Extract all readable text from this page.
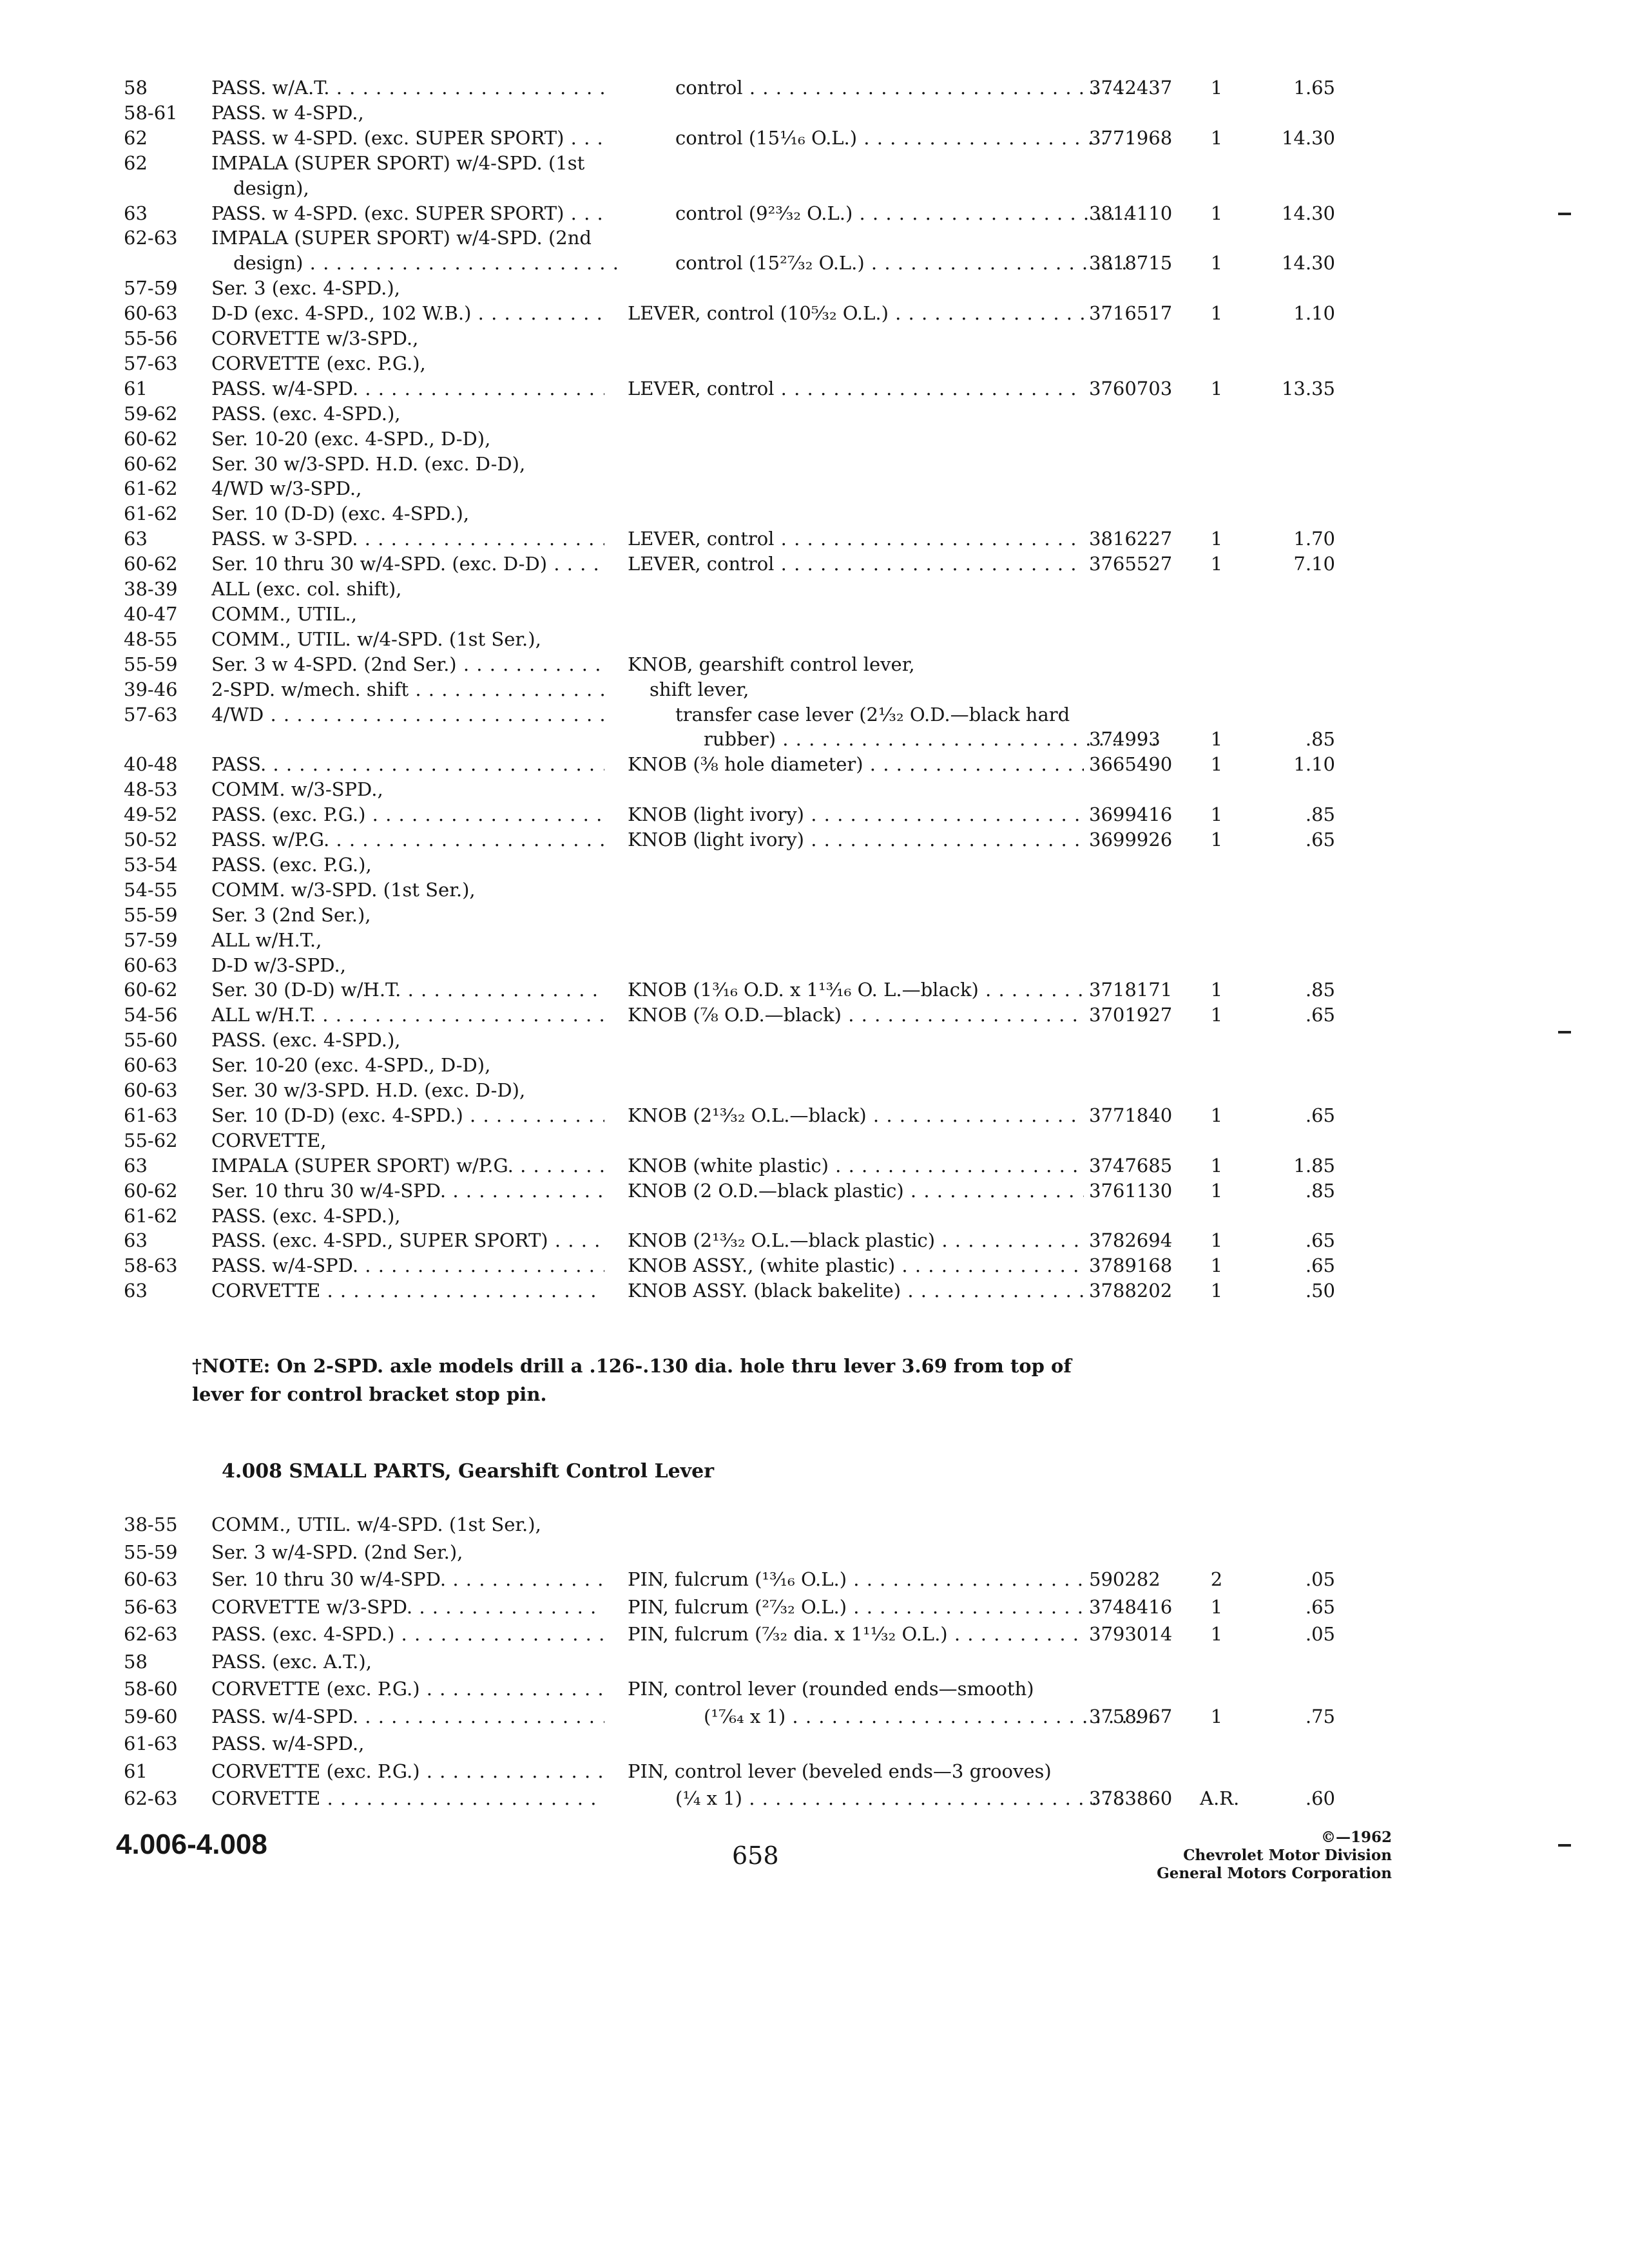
58	PASS. w/A.T. . . .	control . . .	3742437	1	1.65
58-61	PASS. w 4-SPD.,
62	PASS. w 4-SPD. (exc. SUPER SPORT) . . .	control (15¹⁄₁₆ O.L.) . . .	3771968	1	14.30
62	IMPALA (SUPER SPORT) w/4-SPD. (1st
design),
63	PASS. w 4-SPD. (exc. SUPER SPORT) . . .	control (9²³⁄₃₂ O.L.) . . .	3814110	1	14.30
62-63	IMPALA (SUPER SPORT) w/4-SPD. (2nd
design) . . .	control (15²⁷⁄₃₂ O.L.) . . .	3818715	1	14.30
57-59	Ser. 3 (exc. 4-SPD.),
60-63	D-D (exc. 4-SPD., 102 W.B.) . . .	LEVER, control (10⁵⁄₃₂ O.L.) . . .	3716517	1	1.10
55-56	CORVETTE w/3-SPD.,
57-63	CORVETTE (exc. P.G.),
61	PASS. w/4-SPD. . . .	LEVER, control . . .	3760703	1	13.35
59-62	PASS. (exc. 4-SPD.),
60-62	Ser. 10-20 (exc. 4-SPD., D-D),
60-62	Ser. 30 w/3-SPD. H.D. (exc. D-D),
61-62	4/WD w/3-SPD.,
61-62	Ser. 10 (D-D) (exc. 4-SPD.),
63	PASS. w 3-SPD. . . .	LEVER, control . . .	3816227	1	1.70
60-62	Ser. 10 thru 30 w/4-SPD. (exc. D-D) . . .	LEVER, control . . .	3765527	1	7.10
38-39	ALL (exc. col. shift),
40-47	COMM., UTIL.,
48-55	COMM., UTIL. w/4-SPD. (1st Ser.),
55-59	Ser. 3 w 4-SPD. (2nd Ser.) . . .	KNOB, gearshift control lever,
39-46	2-SPD. w/mech. shift . . .	shift lever,
57-63	4/WD . . .	transfer case lever (2¹⁄₃₂ O.D.—black hard
rubber) . . .	374993	1	.85
40-48	PASS. . . .	KNOB (⅜ hole diameter) . . .	3665490	1	1.10
48-53	COMM. w/3-SPD.,
49-52	PASS. (exc. P.G.) . . .	KNOB (light ivory) . . .	3699416	1	.85
50-52	PASS. w/P.G. . . .	KNOB (light ivory) . . .	3699926	1	.65
53-54	PASS. (exc. P.G.),
54-55	COMM. w/3-SPD. (1st Ser.),
55-59	Ser. 3 (2nd Ser.),
57-59	ALL w/H.T.,
60-63	D-D w/3-SPD.,
60-62	Ser. 30 (D-D) w/H.T. . . .	KNOB (1³⁄₁₆ O.D. x 1¹³⁄₁₆ O. L.—black) . . .	3718171	1	.85
54-56	ALL w/H.T. . . .	KNOB (⅞ O.D.—black) . . .	3701927	1	.65
55-60	PASS. (exc. 4-SPD.),
60-63	Ser. 10-20 (exc. 4-SPD., D-D),
60-63	Ser. 30 w/3-SPD. H.D. (exc. D-D),
61-63	Ser. 10 (D-D) (exc. 4-SPD.) . . .	KNOB (2¹³⁄₃₂ O.L.—black) . . .	3771840	1	.65
55-62	CORVETTE,
63	IMPALA (SUPER SPORT) w/P.G. . . .	KNOB (white plastic) . . .	3747685	1	1.85
60-62	Ser. 10 thru 30 w/4-SPD. . . .	KNOB (2 O.D.—black plastic) . . .	3761130	1	.85
61-62	PASS. (exc. 4-SPD.),
63	PASS. (exc. 4-SPD., SUPER SPORT) . . .	KNOB (2¹³⁄₃₂ O.L.—black plastic) . . .	3782694	1	.65
58-63	PASS. w/4-SPD. . . .	KNOB ASSY., (white plastic) . . .	3789168	1	.65
63	CORVETTE . . .	KNOB ASSY. (black bakelite) . . .	3788202	1	.50
†NOTE: On 2-SPD. axle models drill a .126-.130 dia. hole thru lever 3.69 from top of lever for control bracket stop pin.
4.008 SMALL PARTS, Gearshift Control Lever
38-55	COMM., UTIL. w/4-SPD. (1st Ser.),
55-59	Ser. 3 w/4-SPD. (2nd Ser.),
60-63	Ser. 10 thru 30 w/4-SPD. . . .	PIN, fulcrum (¹³⁄₁₆ O.L.) . . .	590282	2	.05
56-63	CORVETTE w/3-SPD. . . .	PIN, fulcrum (²⁷⁄₃₂ O.L.) . . .	3748416	1	.65
62-63	PASS. (exc. 4-SPD.) . . .	PIN, fulcrum (⁷⁄₃₂ dia. x 1¹¹⁄₃₂ O.L.) . . .	3793014	1	.05
58	PASS. (exc. A.T.),
58-60	CORVETTE (exc. P.G.) . . .	PIN, control lever (rounded ends—smooth)
59-60	PASS. w/4-SPD. . . .	(¹⁷⁄₆₄ x 1) . . .	3758967	1	.75
61-63	PASS. w/4-SPD.,
61	CORVETTE (exc. P.G.) . . .	PIN, control lever (beveled ends—3 grooves)
62-63	CORVETTE . . .	(¼ x 1) . . .	3783860	A.R.	.60
4.006-4.008	658
©—1962
Chevrolet Motor Division
General Motors Corporation
